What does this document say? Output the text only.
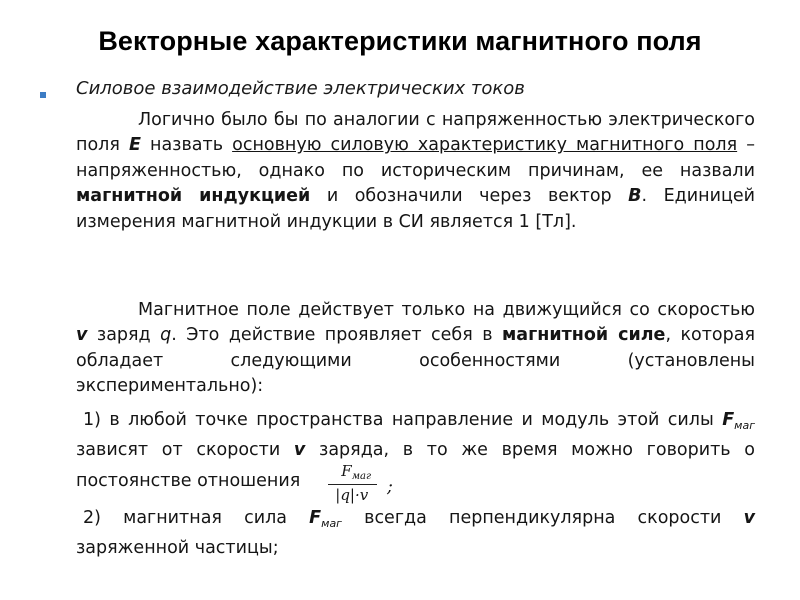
Векторные характеристики магнитного поля
Силовое взаимодействие электрических токов

Логично было бы по аналогии с напряженностью электрического поля E назвать основную силовую характеристику магнитного поля – напряженностью, однако по историческим причинам, ее назвали магнитной индукцией и обозначили через вектор B. Единицей измерения магнитной индукции в СИ является 1 [Тл].

Магнитное поле действует только на движущийся со скоростью v заряд q. Это действие проявляет себя в магнитной силе, которая обладает следующими особенностями (установлены экспериментально):

1) в любой точке пространства направление и модуль этой силы $F_{маг}$ зависят от скорости v заряда, в то же время можно говорить о постоянстве отношения $\frac{F_{маг}}{|q|\cdot v}$ ;

2) магнитная сила $F_{маг}$ всегда перпендикулярна скорости v заряженной частицы;
